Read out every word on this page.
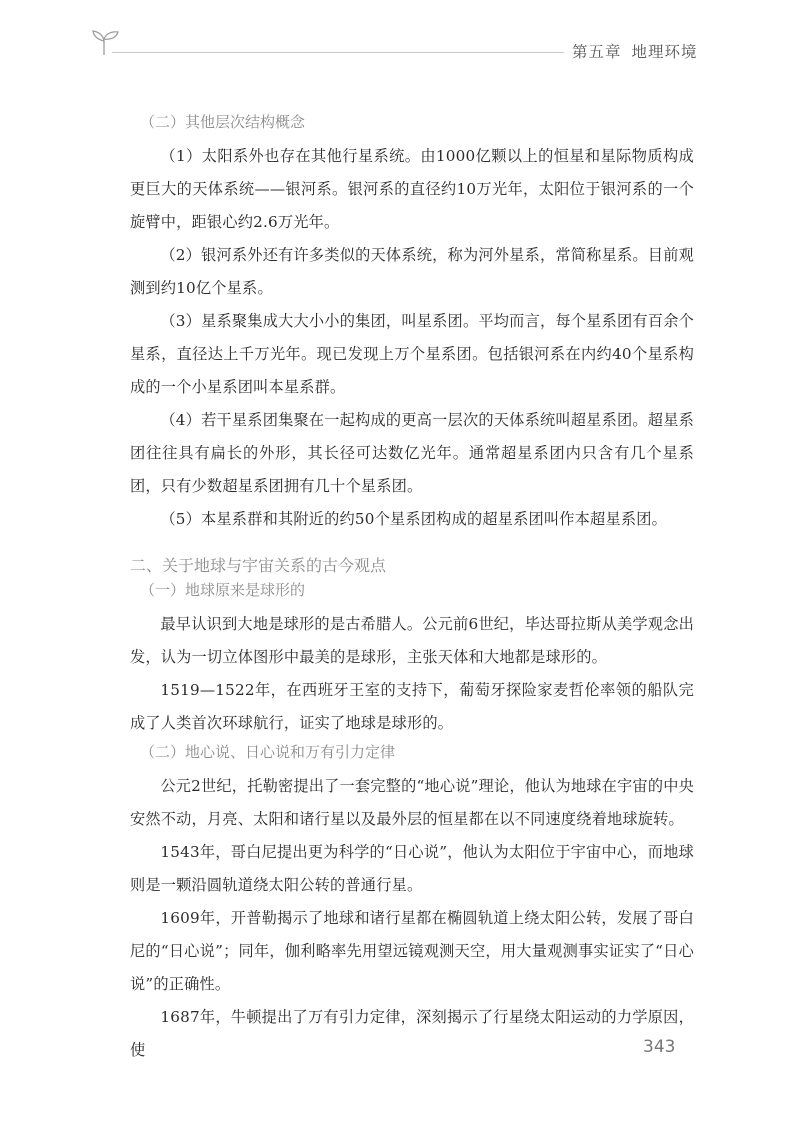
第五章 地理环境
（二）其他层次结构概念

（1）太阳系外也存在其他行星系统。由1000亿颗以上的恒星和星际物质构成更巨大的天体系统——银河系。银河系的直径约10万光年，太阳位于银河系的一个旋臂中，距银心约2.6万光年。

（2）银河系外还有许多类似的天体系统，称为河外星系，常简称星系。目前观测到约10亿个星系。

（3）星系聚集成大大小小的集团，叫星系团。平均而言，每个星系团有百余个星系，直径达上千万光年。现已发现上万个星系团。包括银河系在内约40个星系构成的一个小星系团叫本星系群。

（4）若干星系团集聚在一起构成的更高一层次的天体系统叫超星系团。超星系团往往具有扁长的外形，其长径可达数亿光年。通常超星系团内只含有几个星系团，只有少数超星系团拥有几十个星系团。

（5）本星系群和其附近的约50个星系团构成的超星系团叫作本超星系团。

二、关于地球与宇宙关系的古今观点
（一）地球原来是球形的

最早认识到大地是球形的是古希腊人。公元前6世纪，毕达哥拉斯从美学观念出发，认为一切立体图形中最美的是球形，主张天体和大地都是球形的。

1519—1522年，在西班牙王室的支持下，葡萄牙探险家麦哲伦率领的船队完成了人类首次环球航行，证实了地球是球形的。

（二）地心说、日心说和万有引力定律

公元2世纪，托勒密提出了一套完整的“地心说”理论，他认为地球在宇宙的中央安然不动，月亮、太阳和诸行星以及最外层的恒星都在以不同速度绕着地球旋转。

1543年，哥白尼提出更为科学的“日心说”，他认为太阳位于宇宙中心，而地球则是一颗沿圆轨道绕太阳公转的普通行星。

1609年，开普勒揭示了地球和诸行星都在椭圆轨道上绕太阳公转，发展了哥白尼的“日心说”；同年，伽利略率先用望远镜观测天空，用大量观测事实证实了“日心说”的正确性。

1687年，牛顿提出了万有引力定律，深刻揭示了行星绕太阳运动的力学原因，使	343
